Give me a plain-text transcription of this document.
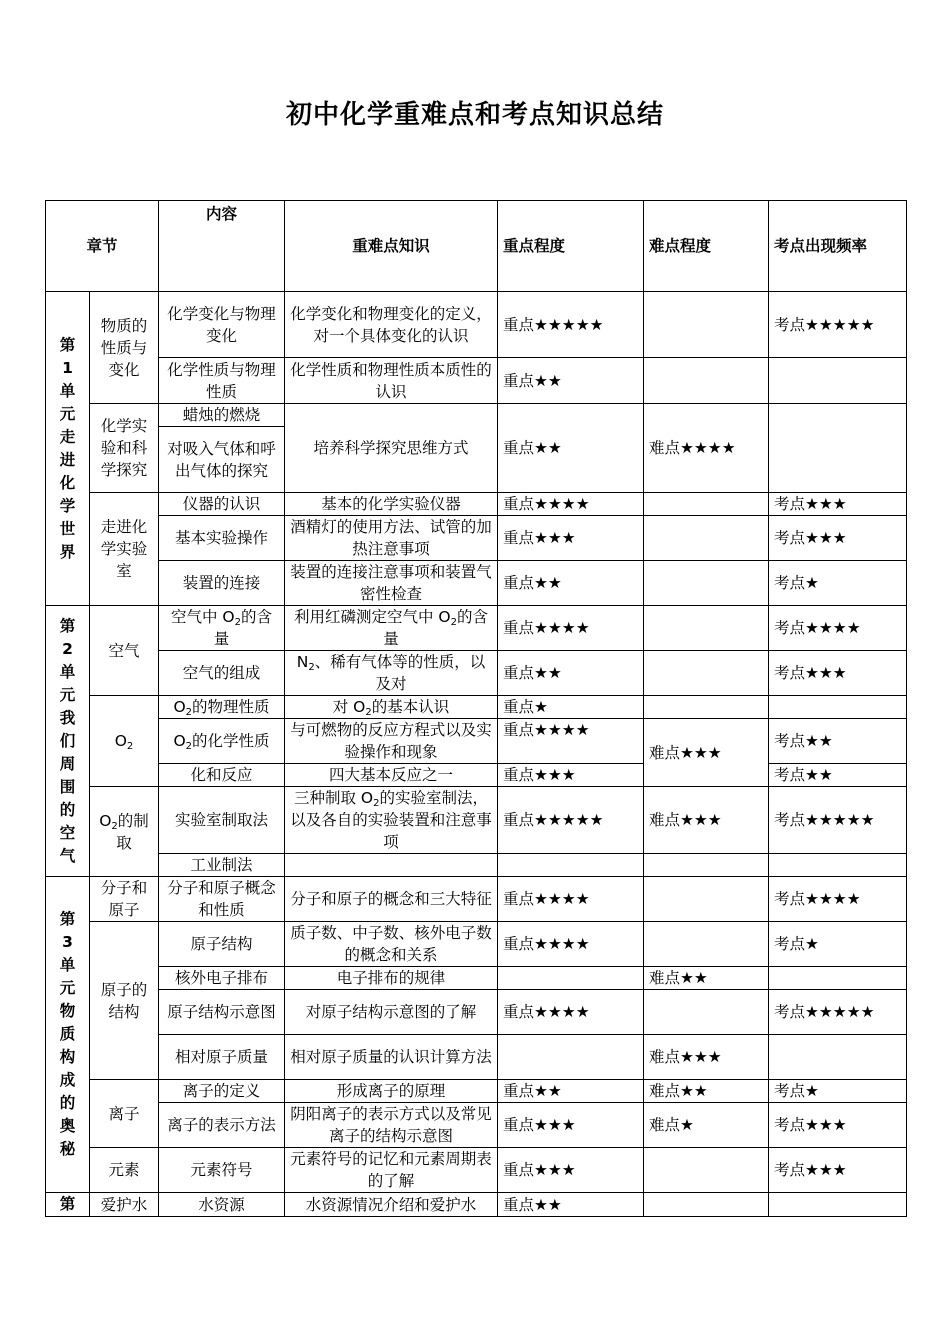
初中化学重难点和考点知识总结
章节		内容	重难点知识	重点程度	难点程度	考点出现频率

第1单元走进化学世界	物质的性质与变化	化学变化与物理变化	化学变化和物理变化的定义，对一个具体变化的认识	重点★★★★★		考点★★★★★
		化学性质与物理性质	化学性质和物理性质本质性的认识	重点★★		
	化学实验和科学探究	蜡烛的燃烧	培养科学探究思维方式	重点★★	难点★★★★	
		对吸入气体和呼出气体的探究				
	走进化学实验室	仪器的认识	基本的化学实验仪器	重点★★★★		考点★★★
		基本实验操作	酒精灯的使用方法、试管的加热注意事项	重点★★★		考点★★★
		装置的连接	装置的连接注意事项和装置气密性检查	重点★★		考点★

第2单元我们周围的空气	空气	空气中 $O_2$的含量	利用红磷测定空气中 $O_2$的含量	重点★★★★		考点★★★★
		空气的组成	$N_2$、稀有气体等的性质，以及对	重点★★		考点★★★
	$O_2$	$O_2$的物理性质	对 $O_2$的基本认识	重点★		
		$O_2$的化学性质	与可燃物的反应方程式以及实验操作和现象	重点★★★★	难点★★★	考点★★
		化和反应	四大基本反应之一	重点★★★		考点★★
	$O_2$的制取	实验室制取法	三种制取 $O_2$的实验室制法，以及各自的实验装置和注意事项	重点★★★★★	难点★★★	考点★★★★★
		工业制法				

第3单元物质构成的奥秘	分子和原子	分子和原子概念和性质	分子和原子的概念和三大特征	重点★★★★		考点★★★★
	原子的结构	原子结构	质子数、中子数、核外电子数的概念和关系	重点★★★★		考点★
		核外电子排布	电子排布的规律		难点★★	
		原子结构示意图	对原子结构示意图的了解	重点★★★★		考点★★★★★
		相对原子质量	相对原子质量的认识计算方法		难点★★★	
	离子	离子的定义	形成离子的原理	重点★★	难点★★	考点★
		离子的表示方法	阴阳离子的表示方式以及常见离子的结构示意图	重点★★★	难点★	考点★★★
	元素	元素符号	元素符号的记忆和元素周期表的了解	重点★★★		考点★★★

第	爱护水	水资源	水资源情况介绍和爱护水	重点★★		
